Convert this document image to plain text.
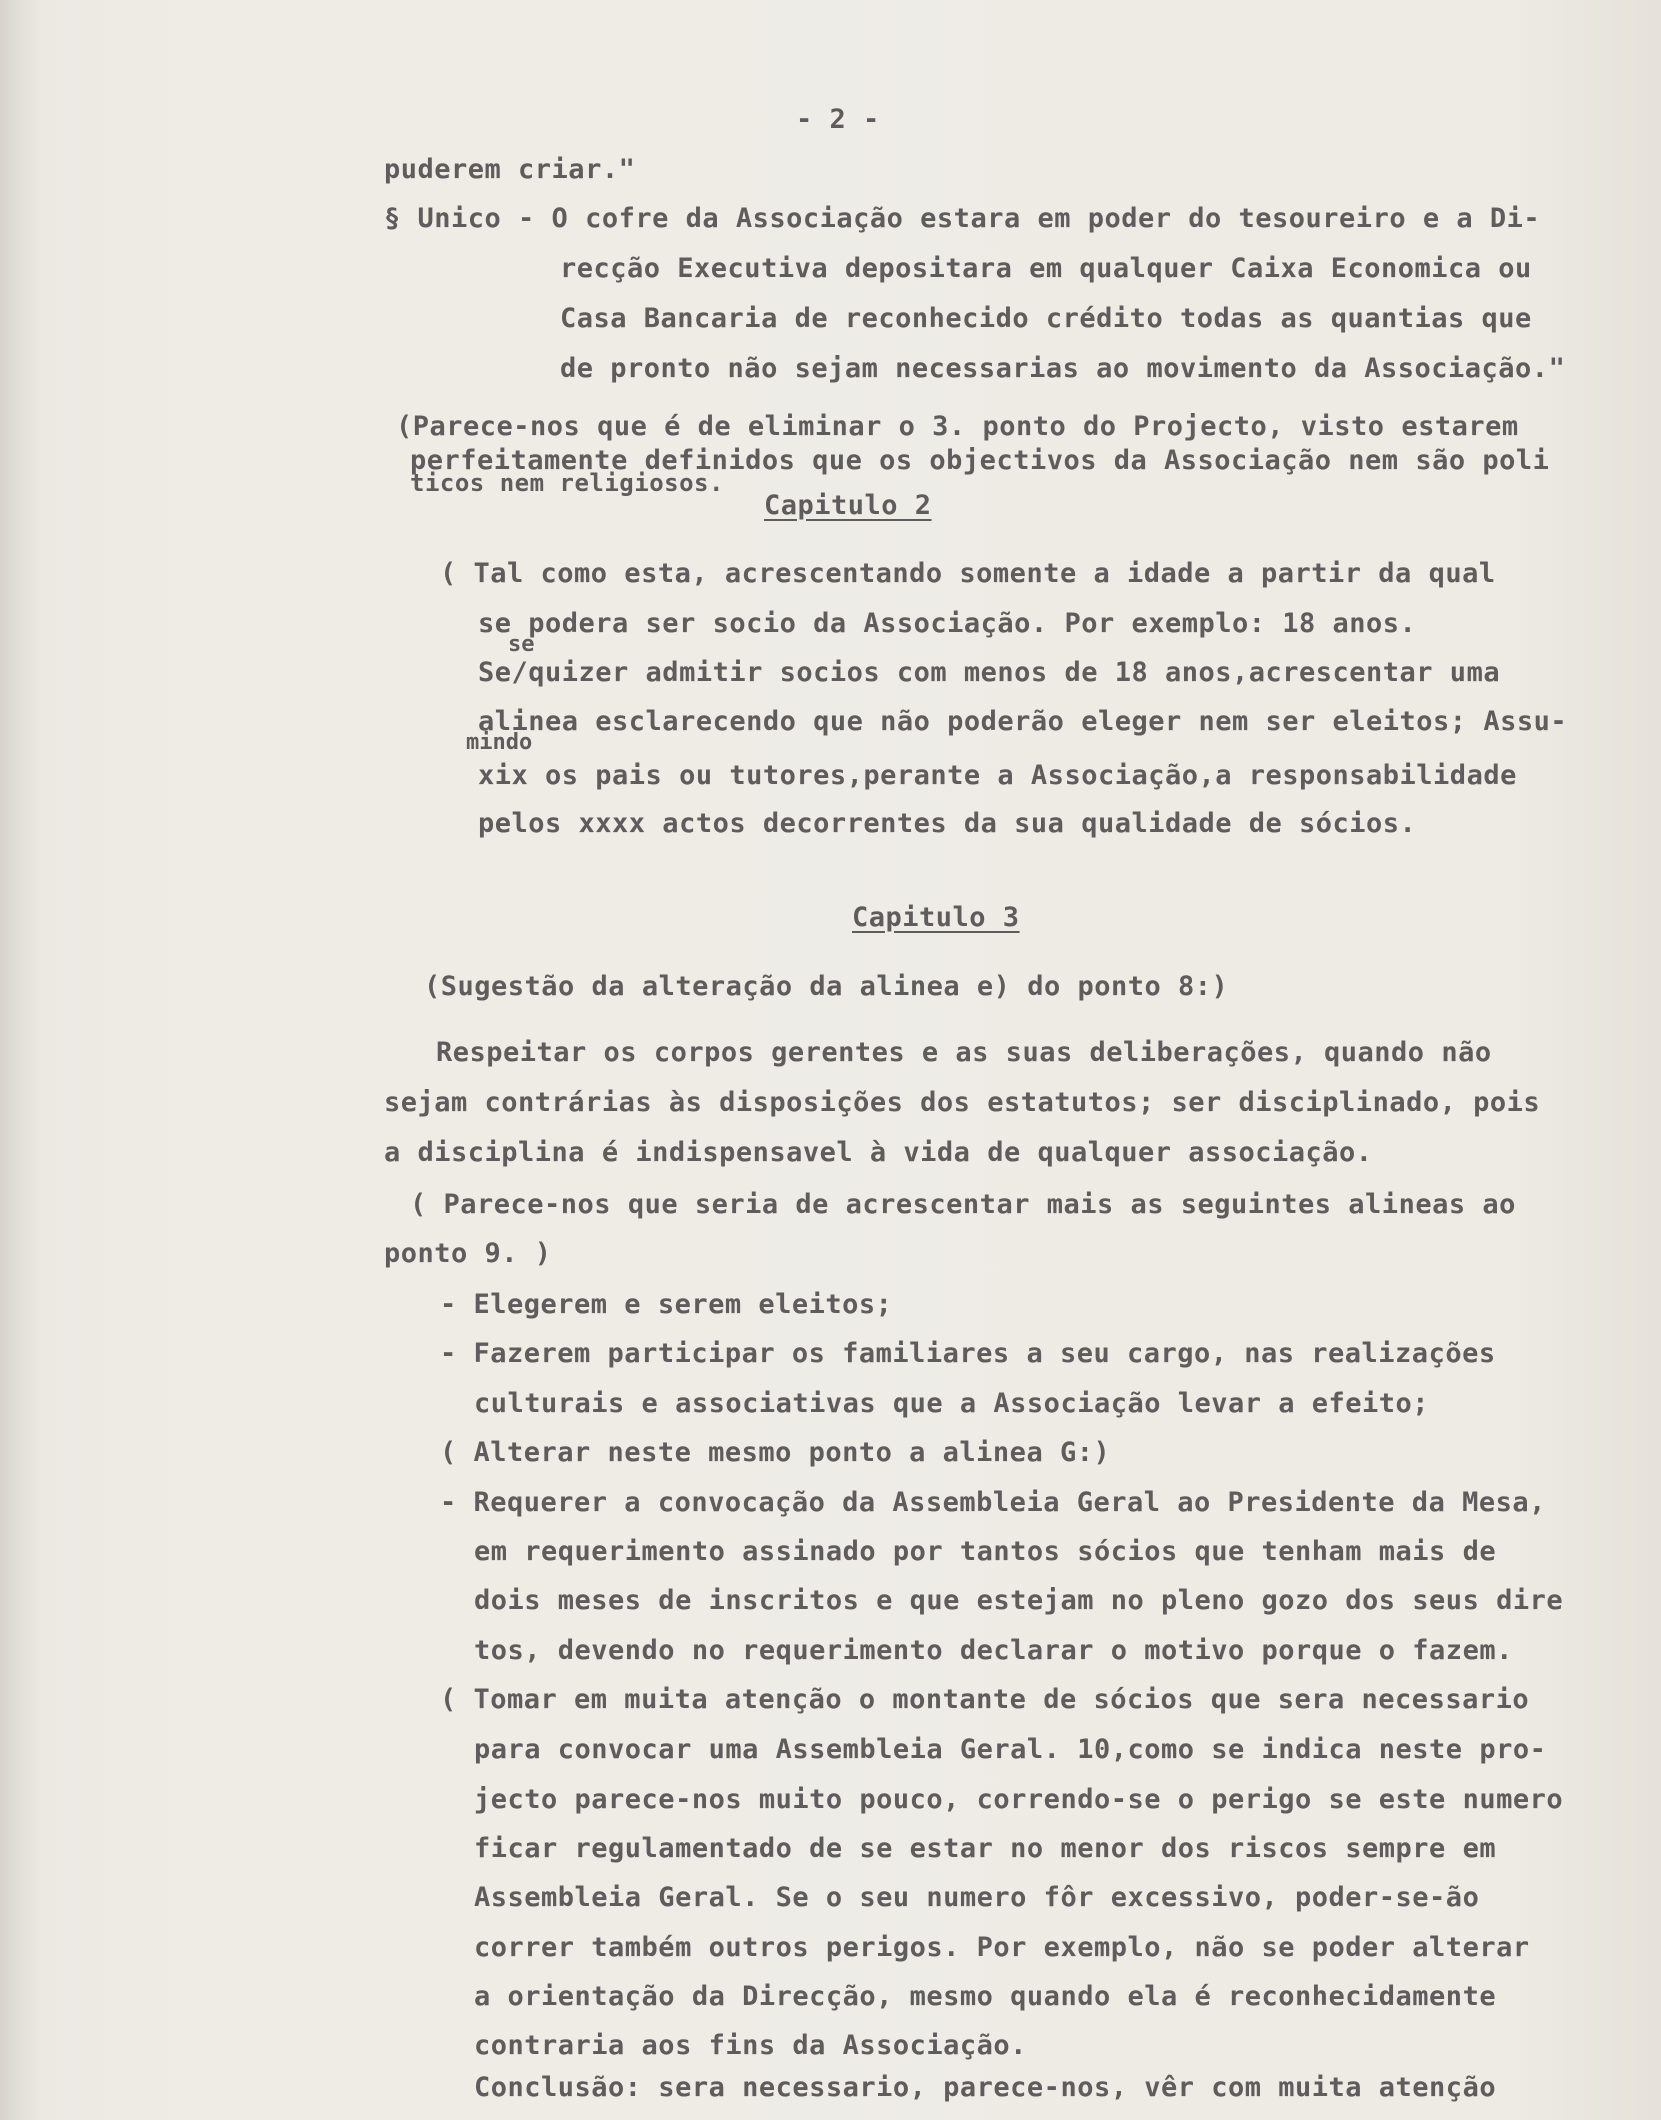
- 2 -
puderem criar."
§ Unico - O cofre da Associação estara em poder do tesoureiro e a Di-
recção Executiva depositara em qualquer Caixa Economica ou
Casa Bancaria de reconhecido crédito todas as quantias que
de pronto não sejam necessarias ao movimento da Associação."
(Parece-nos que é de eliminar o 3. ponto do Projecto, visto estarem
perfeitamente definidos que os objectivos da Associação nem são poli
ticos nem religiosos.
Capitulo 2
( Tal como esta, acrescentando somente a idade a partir da qual
se podera ser socio da Associação. Por exemplo: 18 anos.
se
Se/quizer admitir socios com menos de 18 anos,acrescentar uma
alinea esclarecendo que não poderão eleger nem ser eleitos; Assu-
mindo
xix os pais ou tutores,perante a Associação,a responsabilidade
pelos xxxx actos decorrentes da sua qualidade de sócios.
Capitulo 3
(Sugestão da alteração da alinea e) do ponto 8:)
Respeitar os corpos gerentes e as suas deliberações, quando não
sejam contrárias às disposições dos estatutos; ser disciplinado, pois
a disciplina é indispensavel à vida de qualquer associação.
( Parece-nos que seria de acrescentar mais as seguintes alineas ao
ponto 9. )
- Elegerem e serem eleitos;
- Fazerem participar os familiares a seu cargo, nas realizações
culturais e associativas que a Associação levar a efeito;
( Alterar neste mesmo ponto a alinea G:)
- Requerer a convocação da Assembleia Geral ao Presidente da Mesa,
em requerimento assinado por tantos sócios que tenham mais de
dois meses de inscritos e que estejam no pleno gozo dos seus dire
tos, devendo no requerimento declarar o motivo porque o fazem.
( Tomar em muita atenção o montante de sócios que sera necessario
para convocar uma Assembleia Geral. 10,como se indica neste pro-
jecto parece-nos muito pouco, correndo-se o perigo se este numero
ficar regulamentado de se estar no menor dos riscos sempre em
Assembleia Geral. Se o seu numero fôr excessivo, poder-se-ão
correr também outros perigos. Por exemplo, não se poder alterar
a orientação da Direcção, mesmo quando ela é reconhecidamente
contraria aos fins da Associação.
Conclusão: sera necessario, parece-nos, vêr com muita atenção
